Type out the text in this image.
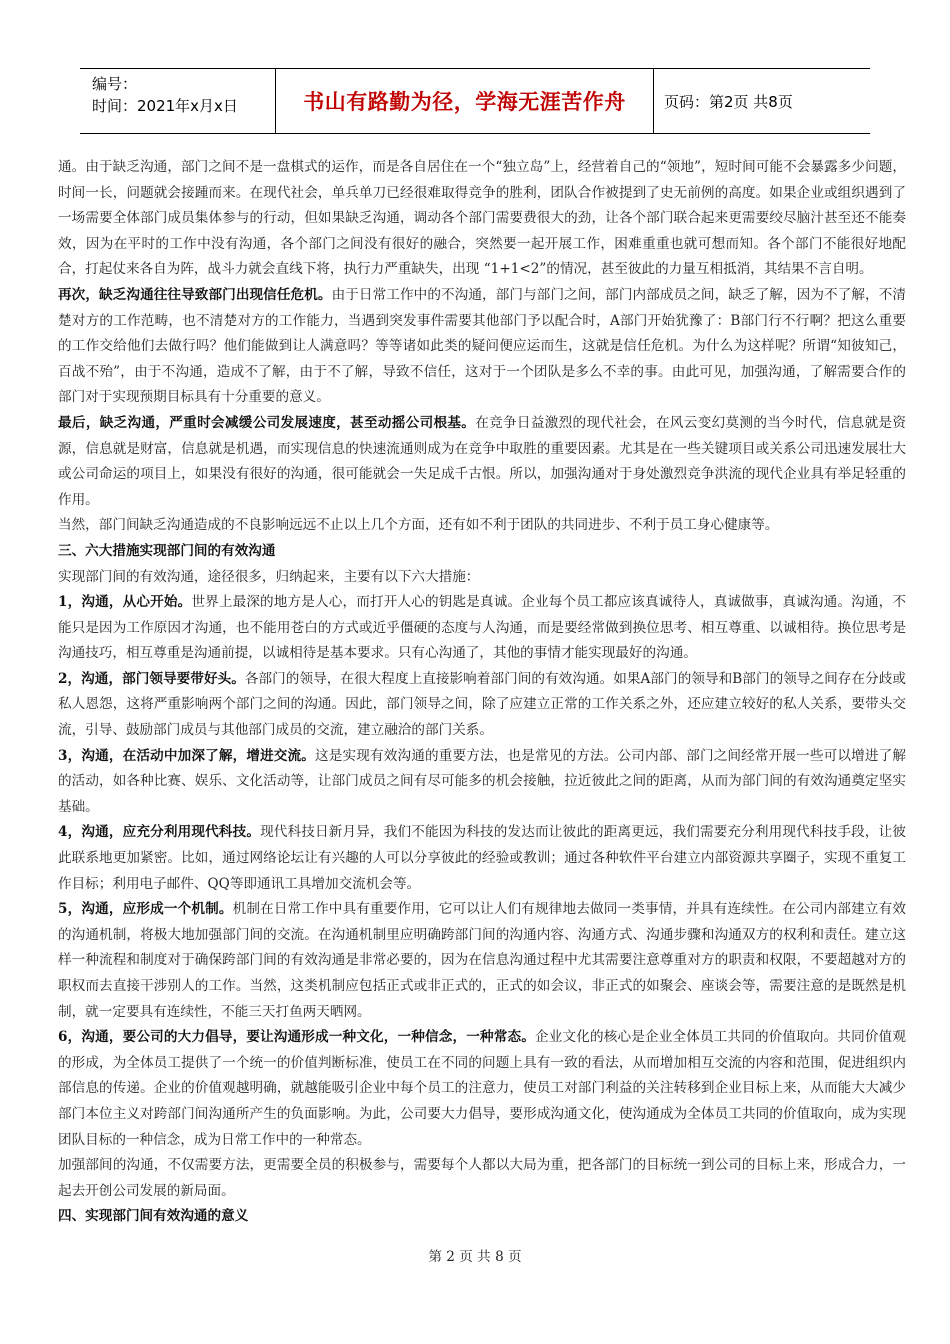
编号：
时间：2021年x月x日	书山有路勤为径，学海无涯苦作舟	页码：第2页 共8页

通。由于缺乏沟通，部门之间不是一盘棋式的运作，而是各自居住在一个“独立岛”上，经营着自己的“领地”，短时间可能不会暴露多少问题，时间一长，问题就会接踵而来。在现代社会，单兵单刀已经很难取得竞争的胜利，团队合作被提到了史无前例的高度。如果企业或组织遇到了一场需要全体部门成员集体参与的行动，但如果缺乏沟通，调动各个部门需要费很大的劲，让各个部门联合起来更需要绞尽脑汁甚至还不能奏效，因为在平时的工作中没有沟通，各个部门之间没有很好的融合，突然要一起开展工作，困难重重也就可想而知。各个部门不能很好地配合，打起仗来各自为阵，战斗力就会直线下将，执行力严重缺失，出现 “1+1<2”的情况，甚至彼此的力量互相抵消，其结果不言自明。

再次，缺乏沟通往往导致部门出现信任危机。由于日常工作中的不沟通，部门与部门之间，部门内部成员之间，缺乏了解，因为不了解，不清楚对方的工作范畴，也不清楚对方的工作能力，当遇到突发事件需要其他部门予以配合时，A部门开始犹豫了：B部门行不行啊？把这么重要的工作交给他们去做行吗？他们能做到让人满意吗？等等诸如此类的疑问便应运而生，这就是信任危机。为什么为这样呢？所谓“知彼知己，百战不殆”，由于不沟通，造成不了解，由于不了解，导致不信任，这对于一个团队是多么不幸的事。由此可见，加强沟通，了解需要合作的部门对于实现预期目标具有十分重要的意义。

最后，缺乏沟通，严重时会减缓公司发展速度，甚至动摇公司根基。在竞争日益激烈的现代社会，在风云变幻莫测的当今时代，信息就是资源，信息就是财富，信息就是机遇，而实现信息的快速流通则成为在竞争中取胜的重要因素。尤其是在一些关键项目或关系公司迅速发展壮大或公司命运的项目上，如果没有很好的沟通，很可能就会一失足成千古恨。所以，加强沟通对于身处激烈竞争洪流的现代企业具有举足轻重的作用。

当然，部门间缺乏沟通造成的不良影响远远不止以上几个方面，还有如不利于团队的共同进步、不利于员工身心健康等。

三、六大措施实现部门间的有效沟通

实现部门间的有效沟通，途径很多，归纳起来，主要有以下六大措施：

1，沟通，从心开始。世界上最深的地方是人心，而打开人心的钥匙是真诚。企业每个员工都应该真诚待人，真诚做事，真诚沟通。沟通，不能只是因为工作原因才沟通，也不能用苍白的方式或近乎僵硬的态度与人沟通，而是要经常做到换位思考、相互尊重、以诚相待。换位思考是沟通技巧，相互尊重是沟通前提，以诚相待是基本要求。只有心沟通了，其他的事情才能实现最好的沟通。

2，沟通，部门领导要带好头。各部门的领导，在很大程度上直接影响着部门间的有效沟通。如果A部门的领导和B部门的领导之间存在分歧或私人恩怨，这将严重影响两个部门之间的沟通。因此，部门领导之间，除了应建立正常的工作关系之外，还应建立较好的私人关系，要带头交流，引导、鼓励部门成员与其他部门成员的交流，建立融洽的部门关系。

3，沟通，在活动中加深了解，增进交流。这是实现有效沟通的重要方法，也是常见的方法。公司内部、部门之间经常开展一些可以增进了解的活动，如各种比赛、娱乐、文化活动等，让部门成员之间有尽可能多的机会接触，拉近彼此之间的距离，从而为部门间的有效沟通奠定坚实基础。

4，沟通，应充分利用现代科技。现代科技日新月异，我们不能因为科技的发达而让彼此的距离更远，我们需要充分利用现代科技手段，让彼此联系地更加紧密。比如，通过网络论坛让有兴趣的人可以分享彼此的经验或教训；通过各种软件平台建立内部资源共享圈子，实现不重复工作目标；利用电子邮件、QQ等即通讯工具增加交流机会等。

5，沟通，应形成一个机制。机制在日常工作中具有重要作用，它可以让人们有规律地去做同一类事情，并具有连续性。在公司内部建立有效的沟通机制，将极大地加强部门间的交流。在沟通机制里应明确跨部门间的沟通内容、沟通方式、沟通步骤和沟通双方的权利和责任。建立这样一种流程和制度对于确保跨部门间的有效沟通是非常必要的，因为在信息沟通过程中尤其需要注意尊重对方的职责和权限，不要超越对方的职权而去直接干涉别人的工作。当然，这类机制应包括正式或非正式的，正式的如会议，非正式的如聚会、座谈会等，需要注意的是既然是机制，就一定要具有连续性，不能三天打鱼两天晒网。

6，沟通，要公司的大力倡导，要让沟通形成一种文化，一种信念，一种常态。企业文化的核心是企业全体员工共同的价值取向。共同价值观的形成，为全体员工提供了一个统一的价值判断标准，使员工在不同的问题上具有一致的看法，从而增加相互交流的内容和范围，促进组织内部信息的传递。企业的价值观越明确，就越能吸引企业中每个员工的注意力，使员工对部门利益的关注转移到企业目标上来，从而能大大减少部门本位主义对跨部门间沟通所产生的负面影响。为此，公司要大力倡导，要形成沟通文化，使沟通成为全体员工共同的价值取向，成为实现团队目标的一种信念，成为日常工作中的一种常态。

加强部间的沟通，不仅需要方法，更需要全员的积极参与，需要每个人都以大局为重，把各部门的目标统一到公司的目标上来，形成合力，一起去开创公司发展的新局面。

四、实现部门间有效沟通的意义

第 2 页 共 8 页
